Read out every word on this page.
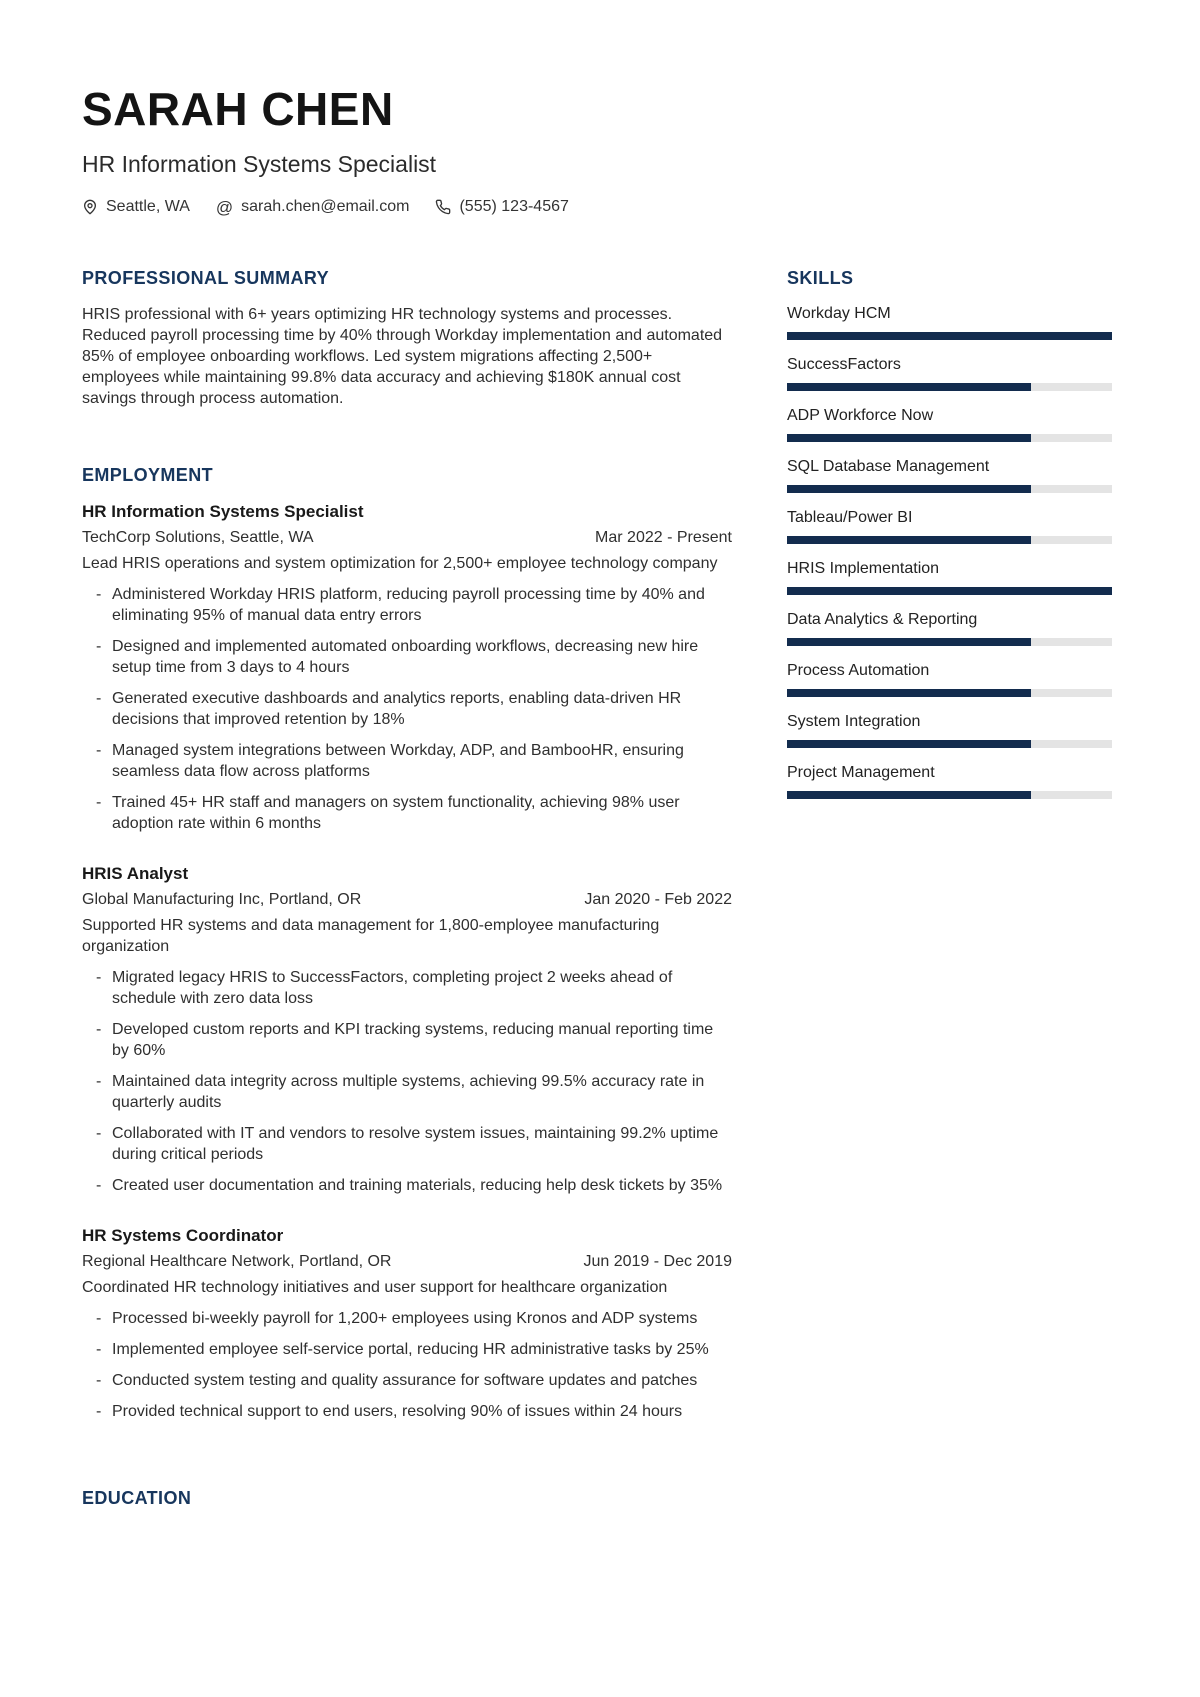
SARAH CHEN
HR Information Systems Specialist
Seattle, WA @ sarah.chen@email.com	(555) 123-4567
PROFESSIONAL SUMMARY

HRIS professional with 6+ years optimizing HR technology systems and processes. Reduced payroll processing time by 40% through Workday implementation and automated 85% of employee onboarding workflows. Led system migrations affecting 2,500+ employees while maintaining 99.8% data accuracy and achieving $180K annual cost savings through process automation.

EMPLOYMENT
HR Information Systems Specialist
TechCorp Solutions, Seattle, WA	Mar 2022 - Present
Lead HRIS operations and system optimization for 2,500+ employee technology company
- Administered Workday HRIS platform, reducing payroll processing time by 40% and eliminating 95% of manual data entry errors
- Designed and implemented automated onboarding workflows, decreasing new hire setup time from 3 days to 4 hours
- Generated executive dashboards and analytics reports, enabling data-driven HR decisions that improved retention by 18%
- Managed system integrations between Workday, ADP, and BambooHR, ensuring seamless data flow across platforms
- Trained 45+ HR staff and managers on system functionality, achieving 98% user adoption rate within 6 months
HRIS Analyst
Global Manufacturing Inc, Portland, OR	Jan 2020 - Feb 2022
Supported HR systems and data management for 1,800-employee manufacturing organization
- Migrated legacy HRIS to SuccessFactors, completing project 2 weeks ahead of schedule with zero data loss
- Developed custom reports and KPI tracking systems, reducing manual reporting time by 60%
- Maintained data integrity across multiple systems, achieving 99.5% accuracy rate in quarterly audits
- Collaborated with IT and vendors to resolve system issues, maintaining 99.2% uptime during critical periods
- Created user documentation and training materials, reducing help desk tickets by 35%
HR Systems Coordinator
Regional Healthcare Network, Portland, OR	Jun 2019 - Dec 2019
Coordinated HR technology initiatives and user support for healthcare organization
- Processed bi-weekly payroll for 1,200+ employees using Kronos and ADP systems
- Implemented employee self-service portal, reducing HR administrative tasks by 25%
- Conducted system testing and quality assurance for software updates and patches
- Provided technical support to end users, resolving 90% of issues within 24 hours
EDUCATION
SKILLS
Workday HCM
SuccessFactors
ADP Workforce Now
SQL Database Management
Tableau/Power BI
HRIS Implementation
Data Analytics & Reporting
Process Automation
System Integration
Project Management
